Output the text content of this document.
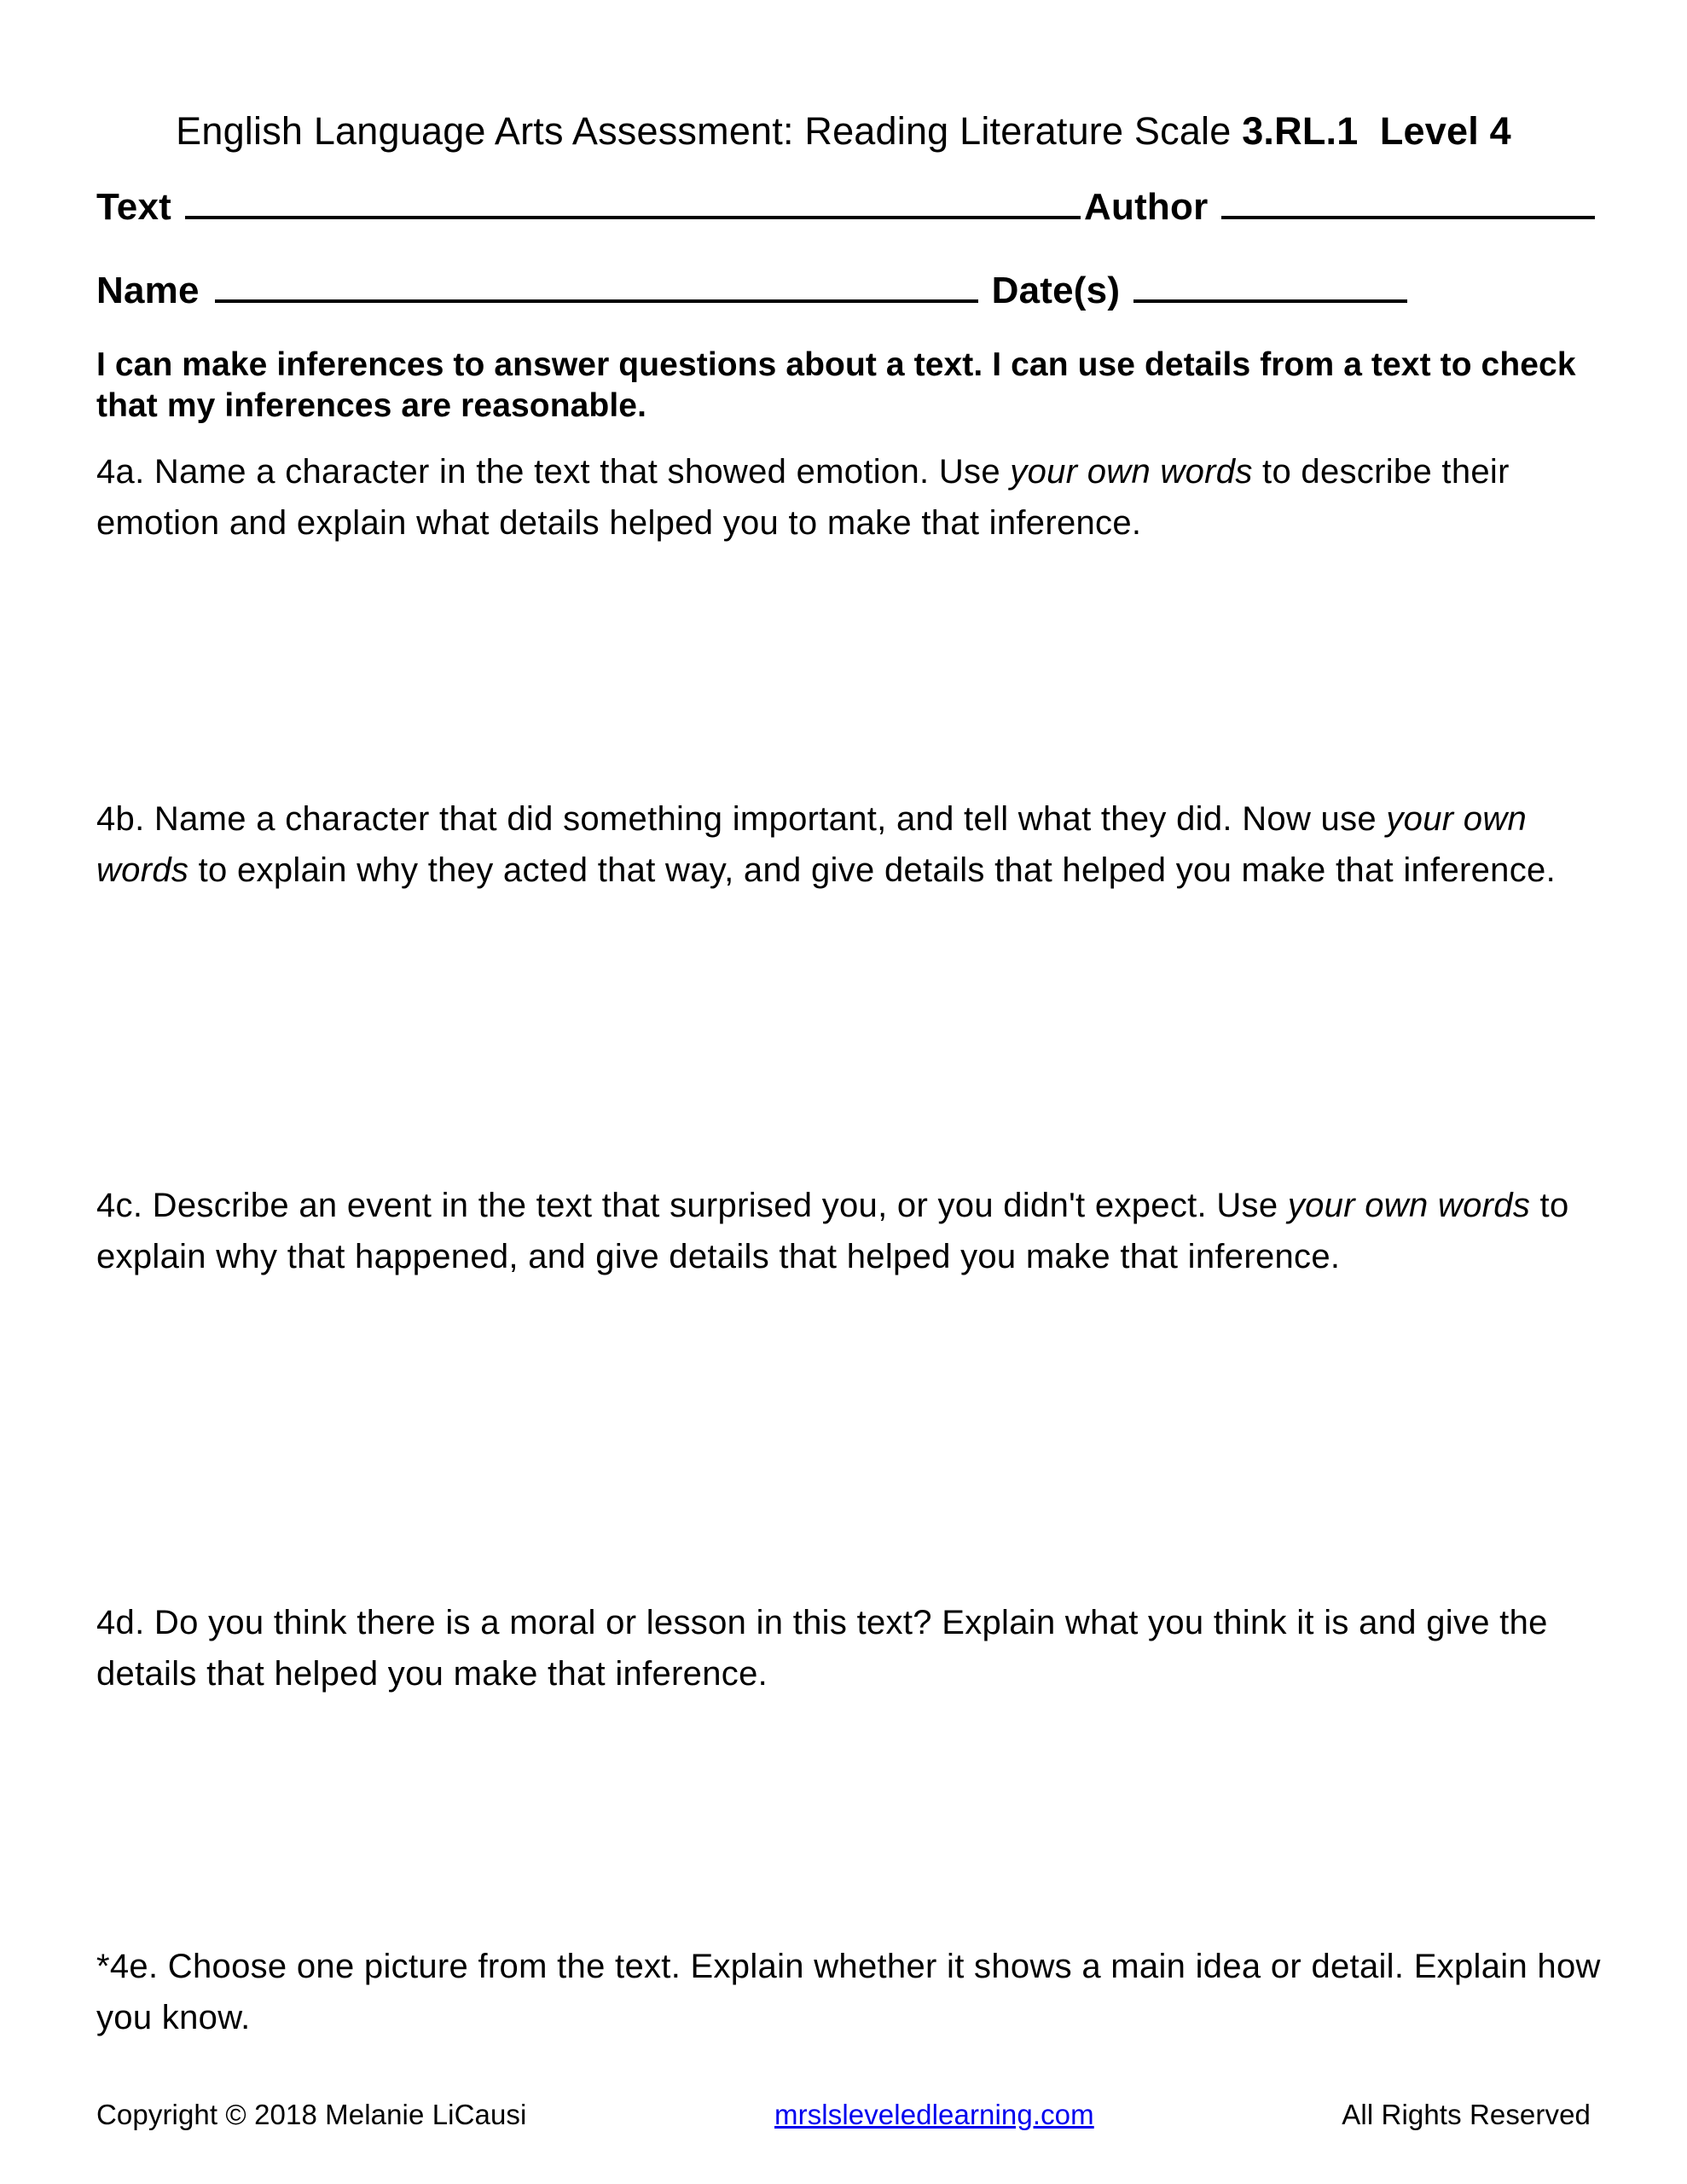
English Language Arts Assessment: Reading Literature Scale 3.RL.1  Level 4
Text	Author
Name	Date(s)
I can make inferences to answer questions about a text. I can use details from a text to check that my inferences are reasonable.
4a. Name a character in the text that showed emotion. Use your own words to describe their emotion and explain what details helped you to make that inference.
4b. Name a character that did something important, and tell what they did. Now use your own words to explain why they acted that way, and give details that helped you make that inference.
4c. Describe an event in the text that surprised you, or you didn't expect. Use your own words to explain why that happened, and give details that helped you make that inference.
4d. Do you think there is a moral or lesson in this text? Explain what you think it is and give the details that helped you make that inference.
*4e. Choose one picture from the text. Explain whether it shows a main idea or detail. Explain how you know.
Copyright © 2018 Melanie LiCausi	mrslsleveledlearning.com	All Rights Reserved
